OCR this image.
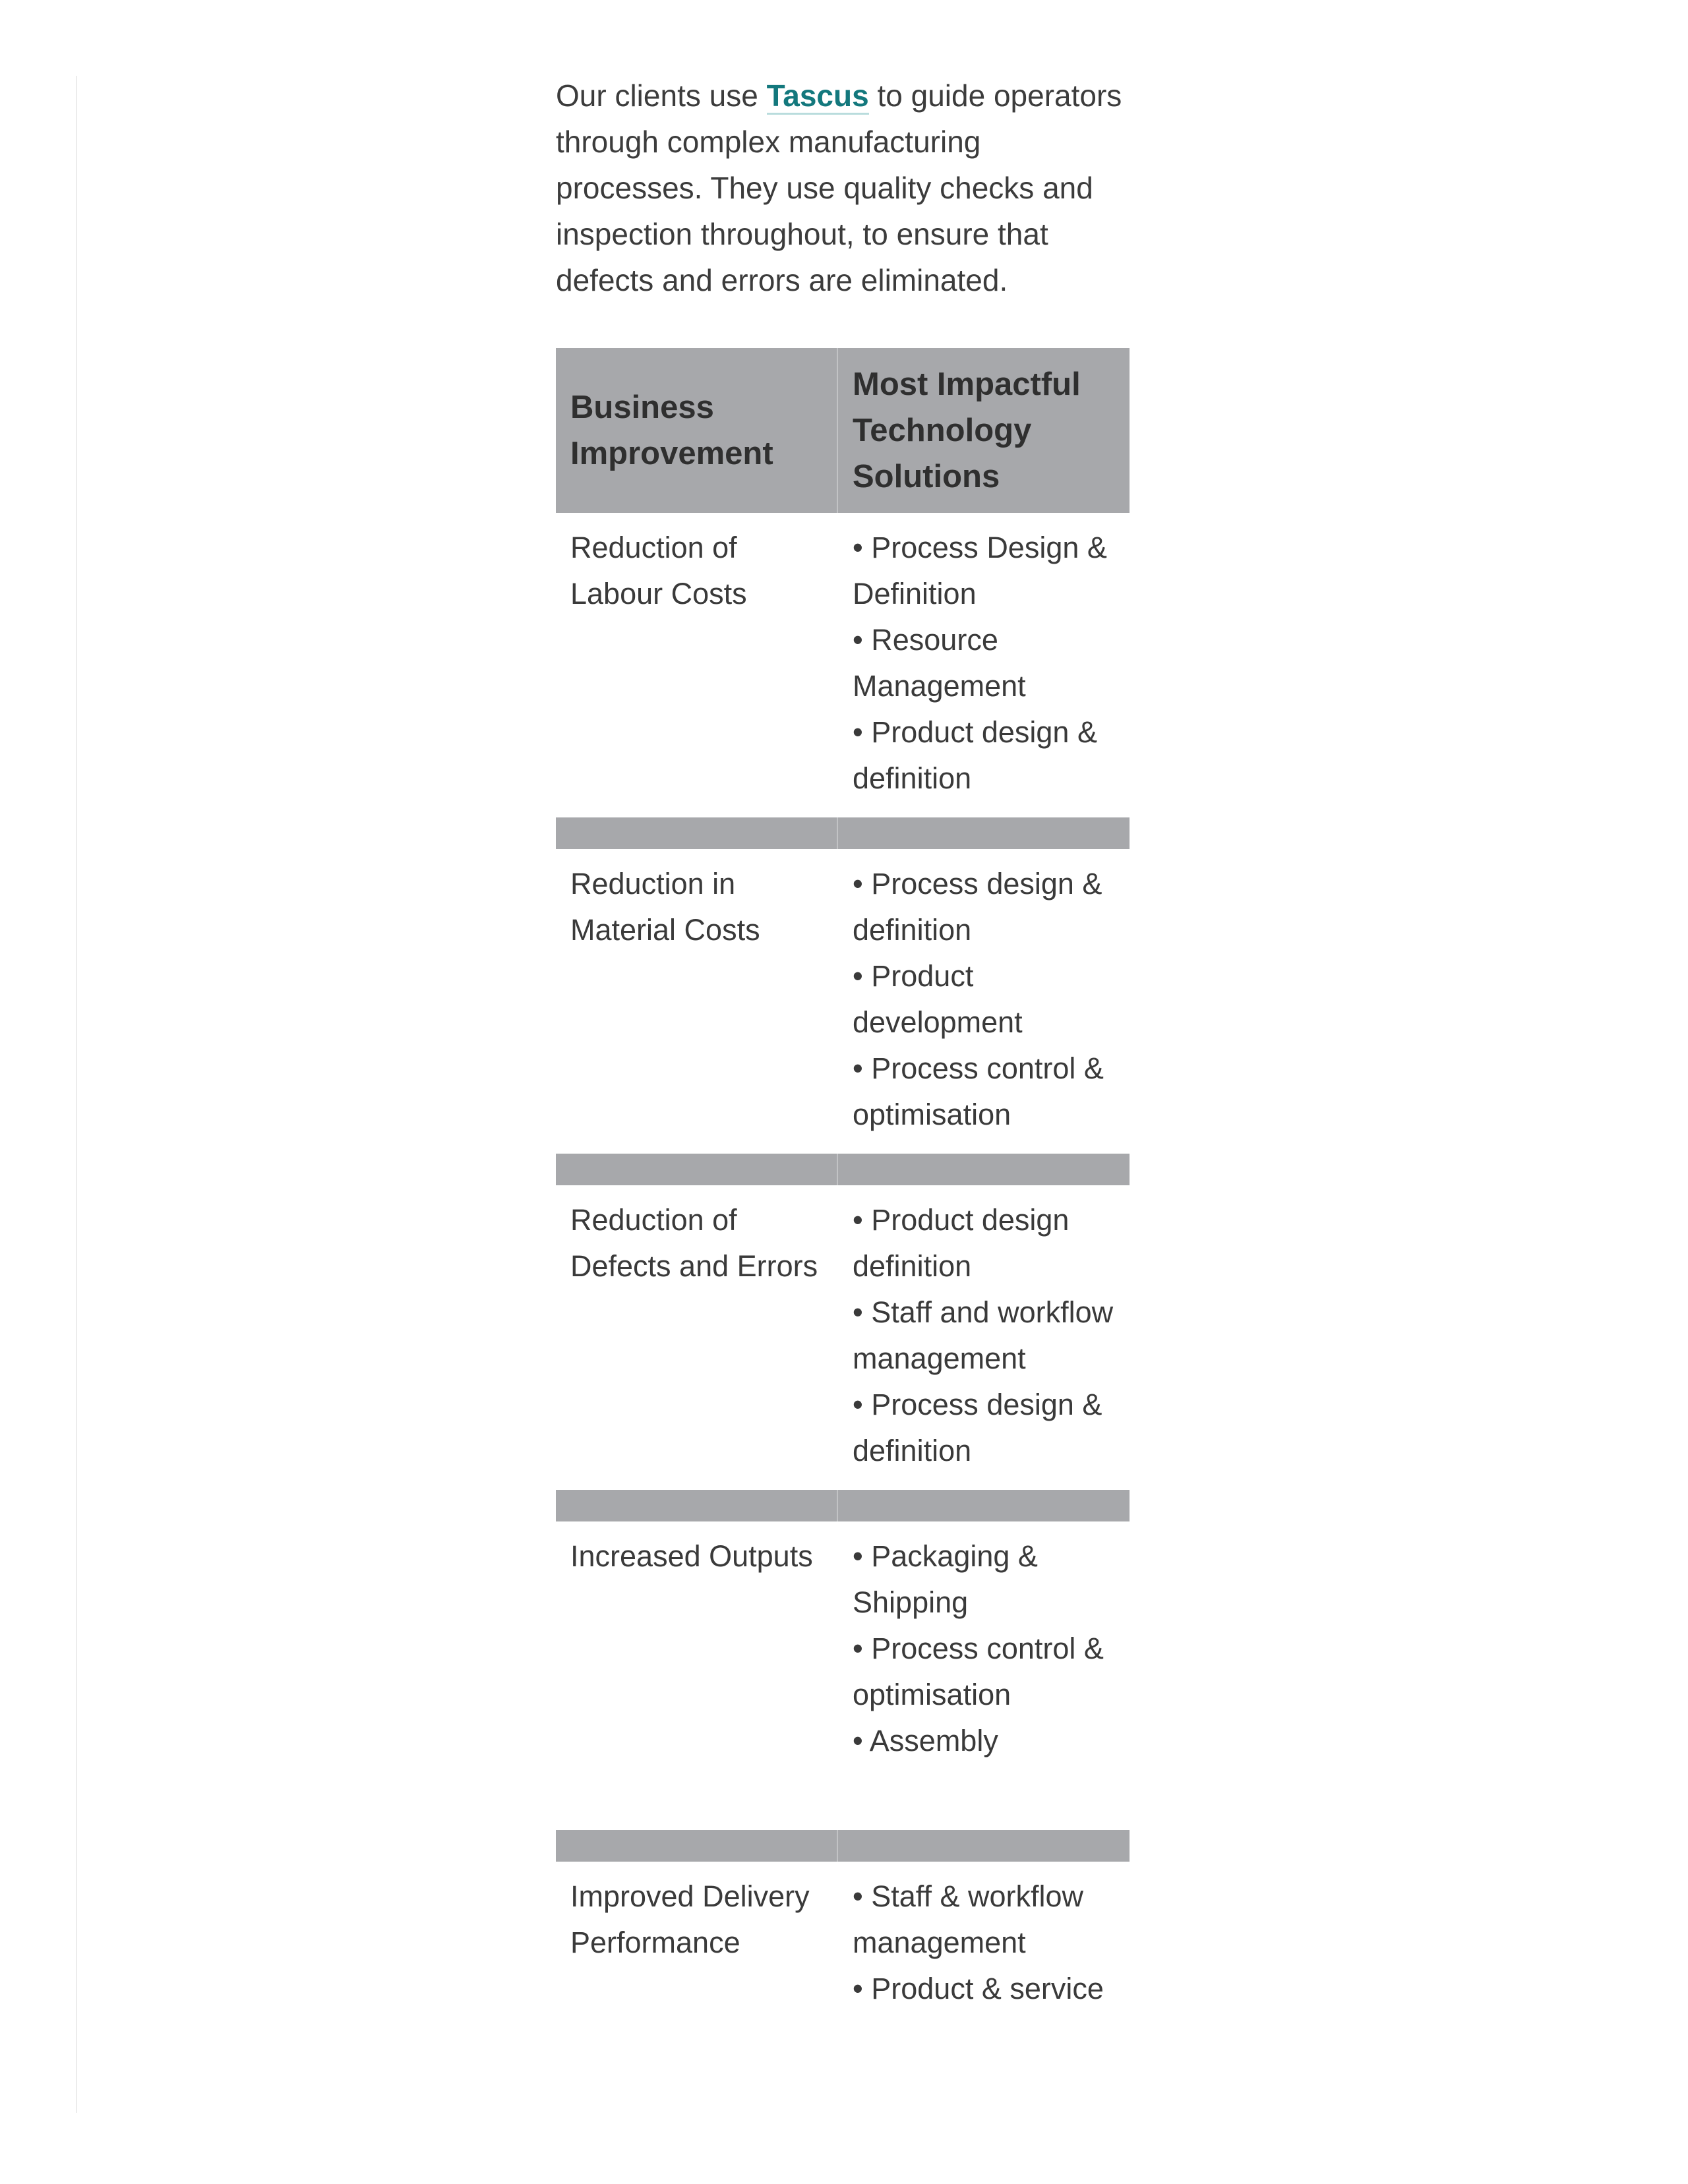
Our clients use Tascus to guide operators through complex manufacturing processes. They use quality checks and inspection throughout, to ensure that defects and errors are eliminated.

Business Improvement	Most Impactful Technology Solutions
Reduction of Labour Costs	• Process Design & Definition
• Resource Management
• Product design & definition

Reduction in Material Costs	• Process design & definition
• Product development
• Process control & optimisation

Reduction of Defects and Errors	• Product design definition
• Staff and workflow management
• Process design & definition

Increased Outputs	• Packaging & Shipping
• Process control & optimisation
• Assembly

Improved Delivery Performance	• Staff & workflow management
• Product & service
